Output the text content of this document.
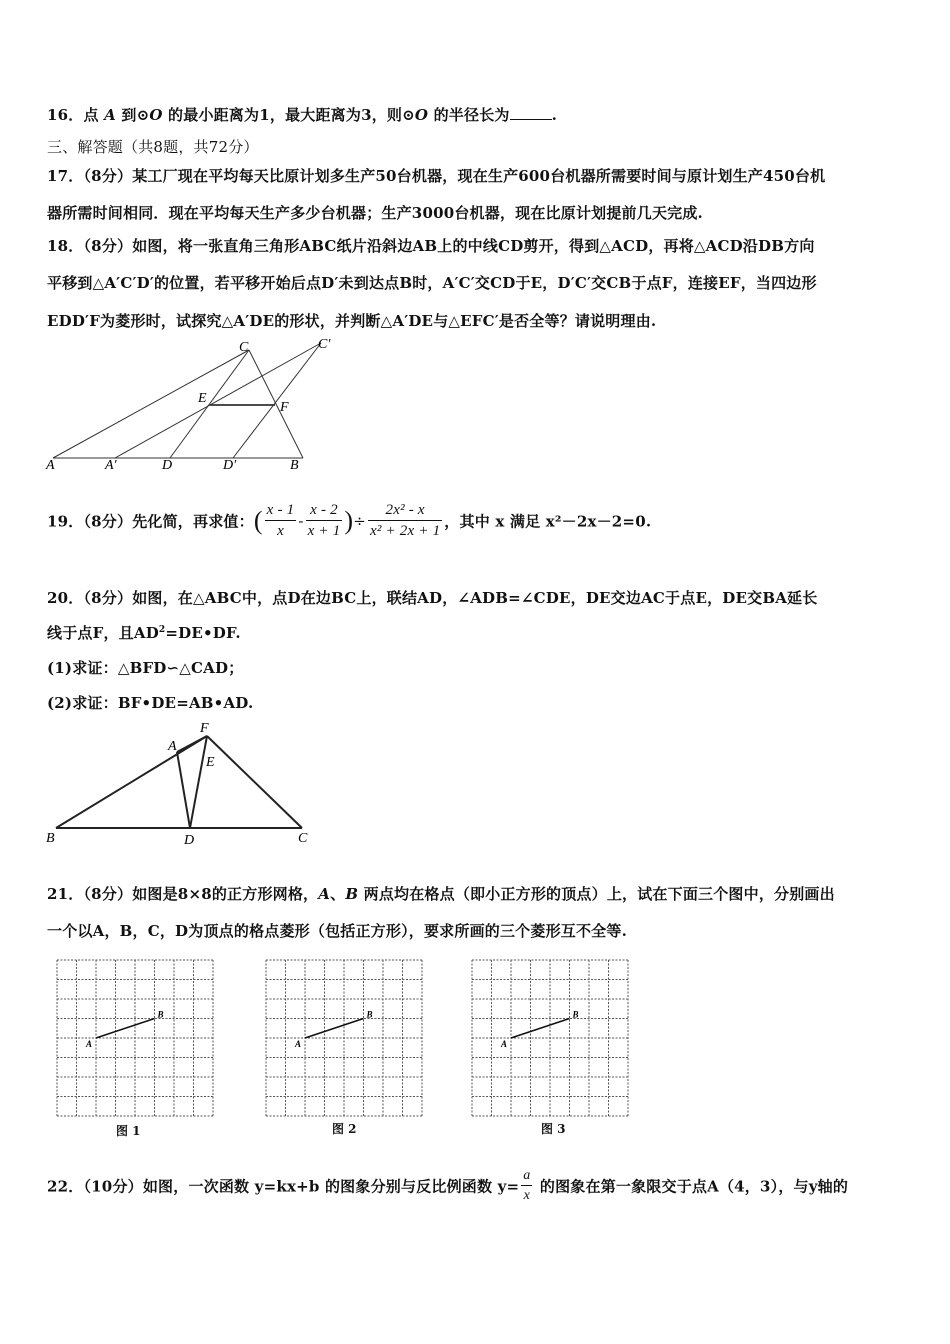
16．点 A 到⊙O 的最小距离为1，最大距离为3，则⊙O 的半径长为	.
三、解答题（共8题，共72分）
17．（8分）某工厂现在平均每天比原计划多生产50台机器，现在生产600台机器所需要时间与原计划生产450台机
器所需时间相同．现在平均每天生产多少台机器；生产3000台机器，现在比原计划提前几天完成.
18．（8分）如图，将一张直角三角形ABC纸片沿斜边AB上的中线CD剪开，得到△ACD，再将△ACD沿DB方向
平移到△A′C′D′的位置，若平移开始后点D′未到达点B时，A′C′交CD于E，D′C′交CB于点F，连接EF，当四边形
EDD′F为菱形时，试探究△A′DE的形状，并判断△A′DE与△EFC′是否全等？请说明理由.
A	A′	D	D′	B
C	C′
E
F
19．（8分）先化简，再求值：( $\frac{x - 1}{x} - \frac{x - 2}{x + 1}$ )÷ $\frac{\text{2x² - x}}{\text{x² + 2x + 1}}$ ，其中 x 满足 x²－2x－2=0.
20．（8分）如图，在△ABC中，点D在边BC上，联结AD，∠ADB=∠CDE，DE交边AC于点E，DE交BA延长
线于点F，且$AD^2=DE•DF$.
(1)求证：△BFD∽△CAD；
(2)求证：BF•DE=AB•AD.
B
A
F
E
D	C
21．（8分）如图是8×8的正方形网格，A、B 两点均在格点（即小正方形的顶点）上，试在下面三个图中，分别画出
一个以A，B，C，D为顶点的格点菱形（包括正方形），要求所画的三个菱形互不全等.
A
B
A
B
A
B
图 1	图 2	图 3
22．（10分）如图，一次函数 y=kx+b 的图象分别与反比例函数 $y= \frac{a}{x}$ 的图象在第一象限交于点A（4，3），与y轴的
